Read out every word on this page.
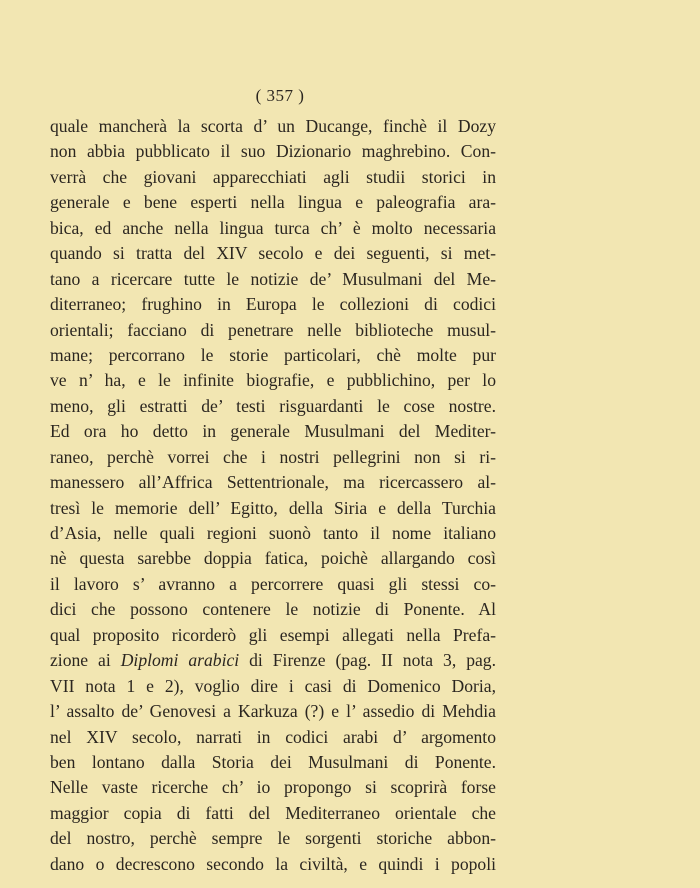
( 357 )
quale mancherà la scorta d’ un Ducange, finchè il Dozy
non abbia pubblicato il suo Dizionario maghrebino. Con-
verrà che giovani apparecchiati agli studii storici in
generale e bene esperti nella lingua e paleografia ara-
bica, ed anche nella lingua turca ch’ è molto necessaria
quando si tratta del XIV secolo e dei seguenti, si met-
tano a ricercare tutte le notizie de’ Musulmani del Me-
diterraneo; frughino in Europa le collezioni di codici
orientali; facciano di penetrare nelle biblioteche musul-
mane; percorrano le storie particolari, chè molte pur
ve n’ ha, e le infinite biografie, e pubblichino, per lo
meno, gli estratti de’ testi risguardanti le cose nostre.
Ed ora ho detto in generale Musulmani del Mediter-
raneo, perchè vorrei che i nostri pellegrini non si ri-
manessero all’Affrica Settentrionale, ma ricercassero al-
tresì le memorie dell’ Egitto, della Siria e della Turchia
d’Asia, nelle quali regioni suonò tanto il nome italiano
nè questa sarebbe doppia fatica, poichè allargando così
il lavoro s’ avranno a percorrere quasi gli stessi co-
dici che possono contenere le notizie di Ponente. Al
qual proposito ricorderò gli esempi allegati nella Prefa-
zione ai Diplomi arabici di Firenze (pag. II nota 3, pag.
VII nota 1 e 2), voglio dire i casi di Domenico Doria,
l’ assalto de’ Genovesi a Karkuza (?) e l’ assedio di Mehdia
nel XIV secolo, narrati in codici arabi d’ argomento
ben lontano dalla Storia dei Musulmani di Ponente.
Nelle vaste ricerche ch’ io propongo si scoprirà forse
maggior copia di fatti del Mediterraneo orientale che
del nostro, perchè sempre le sorgenti storiche abbon-
dano o decrescono secondo la civiltà, e quindi i popoli
